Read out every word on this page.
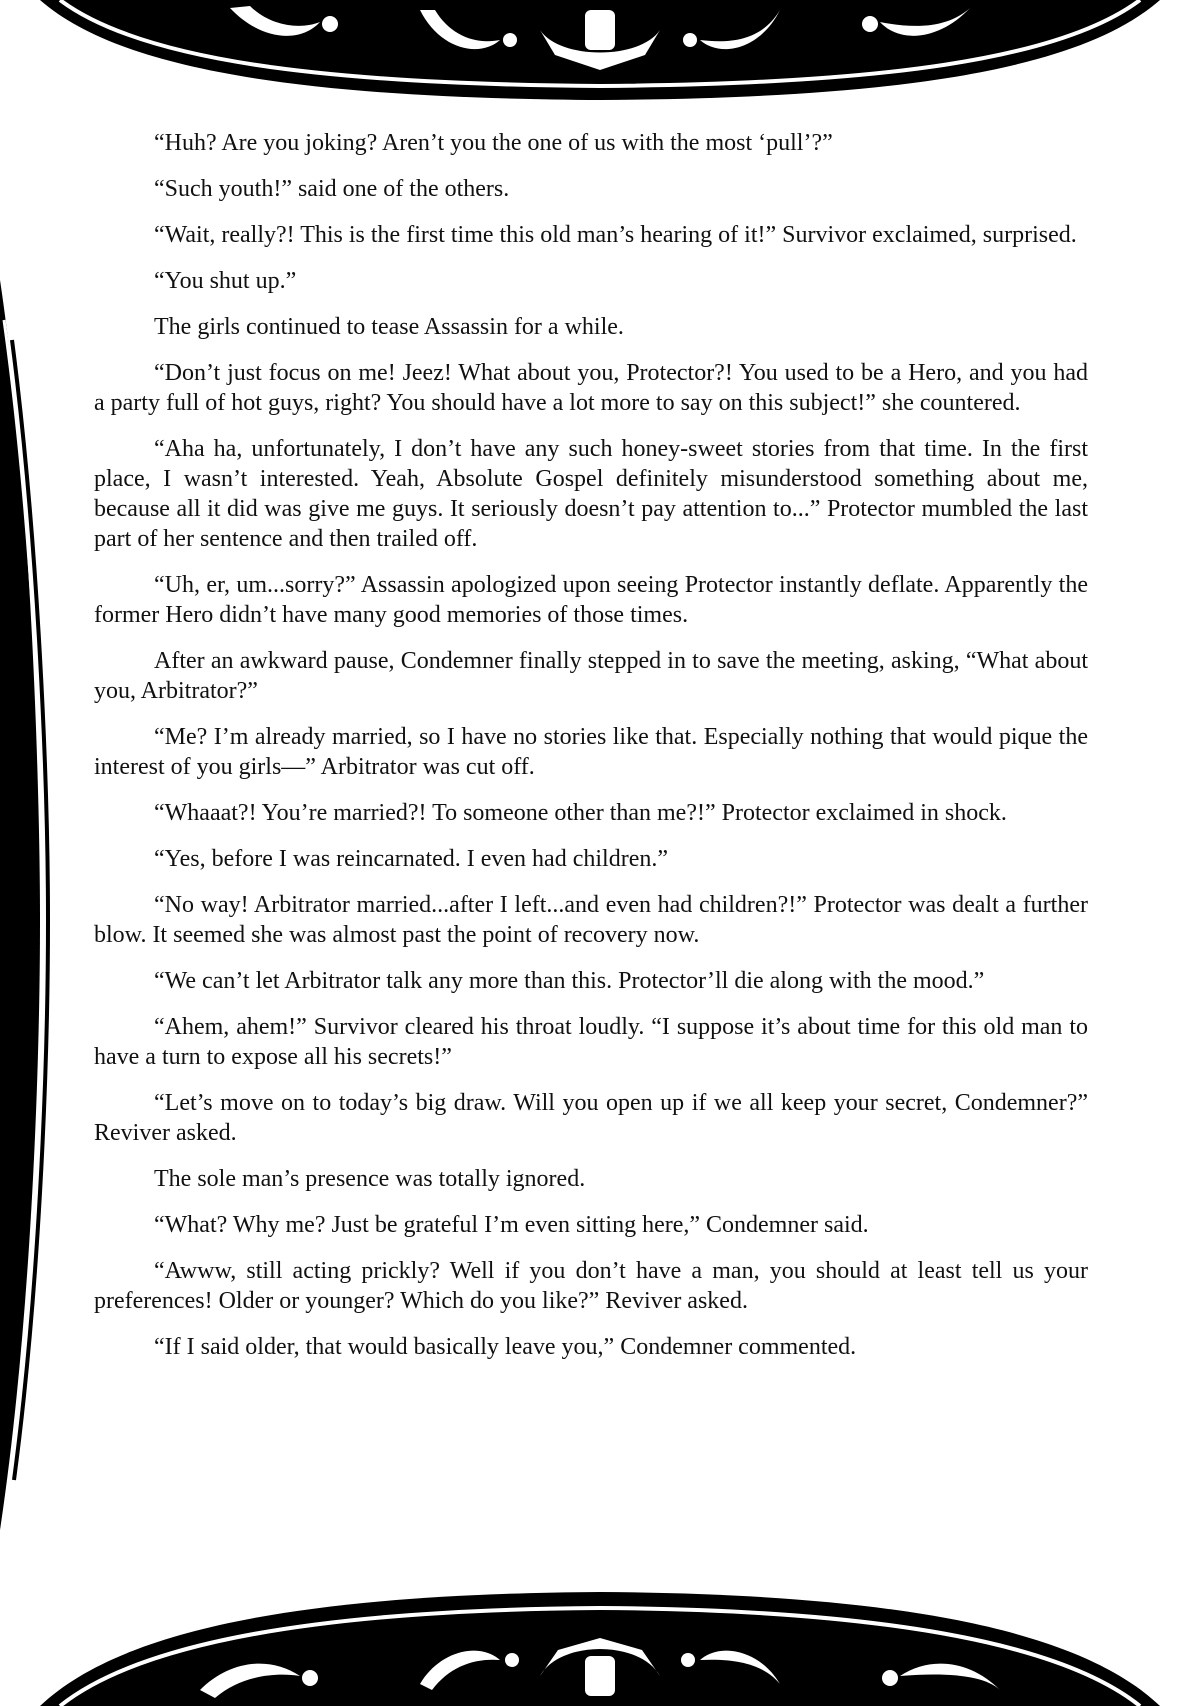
“Huh? Are you joking? Aren’t you the one of us with the most ‘pull’?”

“Such youth!” said one of the others.

“Wait, really?! This is the first time this old man’s hearing of it!” Survivor exclaimed, surprised.

“You shut up.”

The girls continued to tease Assassin for a while.

“Don’t just focus on me! Jeez! What about you, Protector?! You used to be a Hero, and you had a party full of hot guys, right? You should have a lot more to say on this subject!” she countered.

“Aha ha, unfortunately, I don’t have any such honey-sweet stories from that time. In the first place, I wasn’t interested. Yeah, Absolute Gospel definitely misunderstood something about me, because all it did was give me guys. It seriously doesn’t pay attention to...” Protector mumbled the last part of her sentence and then trailed off.

“Uh, er, um...sorry?” Assassin apologized upon seeing Protector instantly deflate. Apparently the former Hero didn’t have many good memories of those times.

After an awkward pause, Condemner finally stepped in to save the meeting, asking, “What about you, Arbitrator?”

“Me? I’m already married, so I have no stories like that. Especially nothing that would pique the interest of you girls—” Arbitrator was cut off.

“Whaaat?! You’re married?! To someone other than me?!” Protector exclaimed in shock.

“Yes, before I was reincarnated. I even had children.”

“No way! Arbitrator married...after I left...and even had children?!” Protector was dealt a further blow. It seemed she was almost past the point of recovery now.

“We can’t let Arbitrator talk any more than this. Protector’ll die along with the mood.”

“Ahem, ahem!” Survivor cleared his throat loudly. “I suppose it’s about time for this old man to have a turn to expose all his secrets!”

“Let’s move on to today’s big draw. Will you open up if we all keep your secret, Condemner?” Reviver asked.

The sole man’s presence was totally ignored.

“What? Why me? Just be grateful I’m even sitting here,” Condemner said.

“Awww, still acting prickly? Well if you don’t have a man, you should at least tell us your preferences! Older or younger? Which do you like?” Reviver asked.

“If I said older, that would basically leave you,” Condemner commented.
